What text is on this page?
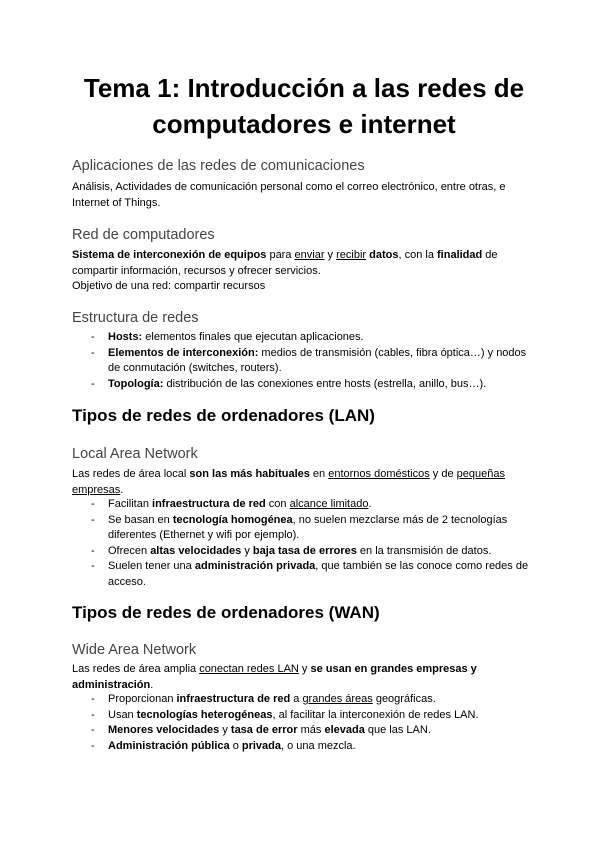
Tema 1: Introducción a las redes de computadores e internet
Aplicaciones de las redes de comunicaciones

Análisis, Actividades de comunicación personal como el correo electrónico, entre otras, e Internet of Things.

Red de computadores

Sistema de interconexión de equipos para enviar y recibir datos, con la finalidad de compartir información, recursos y ofrecer servicios.

Objetivo de una red: compartir recursos

Estructura de redes
- Hosts: elementos finales que ejecutan aplicaciones.
- Elementos de interconexión: medios de transmisión (cables, fibra óptica…) y nodos de conmutación (switches, routers).
- Topología: distribución de las conexiones entre hosts (estrella, anillo, bus…).
Tipos de redes de ordenadores (LAN)
Local Area Network

Las redes de área local son las más habituales en entornos domésticos y de pequeñas empresas.

- Facilitan infraestructura de red con alcance limitado.
- Se basan en tecnología homogénea, no suelen mezclarse más de 2 tecnologías diferentes (Ethernet y wifi por ejemplo).
- Ofrecen altas velocidades y baja tasa de errores en la transmisión de datos.
- Suelen tener una administración privada, que también se las conoce como redes de acceso.
Tipos de redes de ordenadores (WAN)
Wide Area Network

Las redes de área amplia conectan redes LAN y se usan en grandes empresas y administración.

- Proporcionan infraestructura de red a grandes áreas geográficas.
- Usan tecnologías heterogéneas, al facilitar la interconexión de redes LAN.
- Menores velocidades y tasa de error más elevada que las LAN.
- Administración pública o privada, o una mezcla.
